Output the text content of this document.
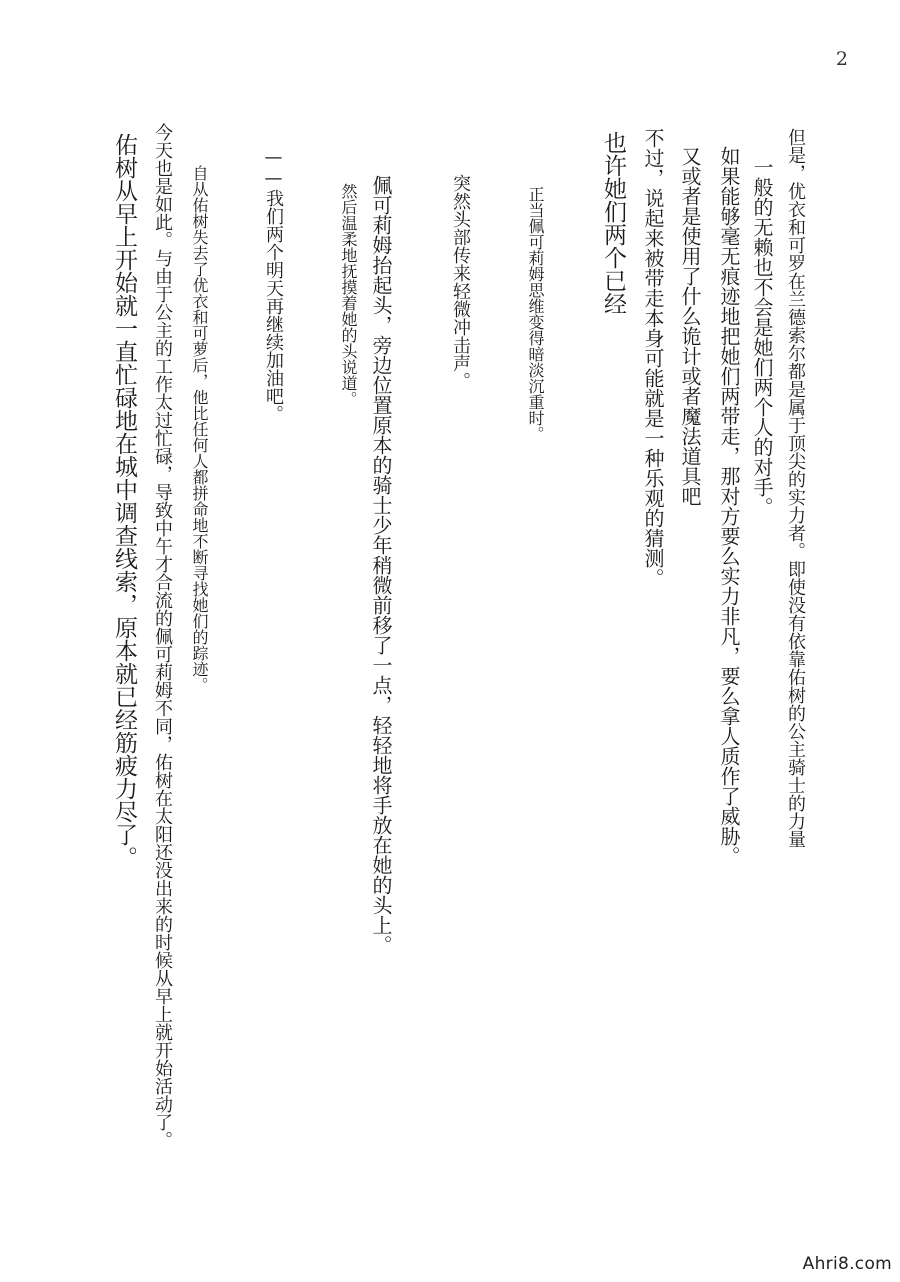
2
但是，优衣和可罗在兰德索尔都是属于顶尖的实力者。即使没有依靠佑树的公主骑士的力量
一般的无赖也不会是她们两个人的对手。
如果能够毫无痕迹地把她们两带走，那对方要么实力非凡，要么拿人质作了威胁。
又或者是使用了什么诡计或者魔法道具吧
不过，说起来被带走本身可能就是一种乐观的猜测。
也许她们两个已经
正当佩可莉姆思维变得暗淡沉重时。
突然头部传来轻微冲击声。
佩可莉姆抬起头，旁边位置原本的骑士少年稍微前移了一点，轻轻地将手放在她的头上。
然后温柔地抚摸着她的头说道。
——我们两个明天再继续加油吧。
自从佑树失去了优衣和可萝后，他比任何人都拼命地不断寻找她们的踪迹。
今天也是如此。与由于公主的工作太过忙碌，导致中午才合流的佩可莉姆不同，佑树在太阳还没出来的时候从早上就开始活动了。
佑树从早上开始就一直忙碌地在城中调查线索，原本就已经筋疲力尽了。
Ahri8.com
